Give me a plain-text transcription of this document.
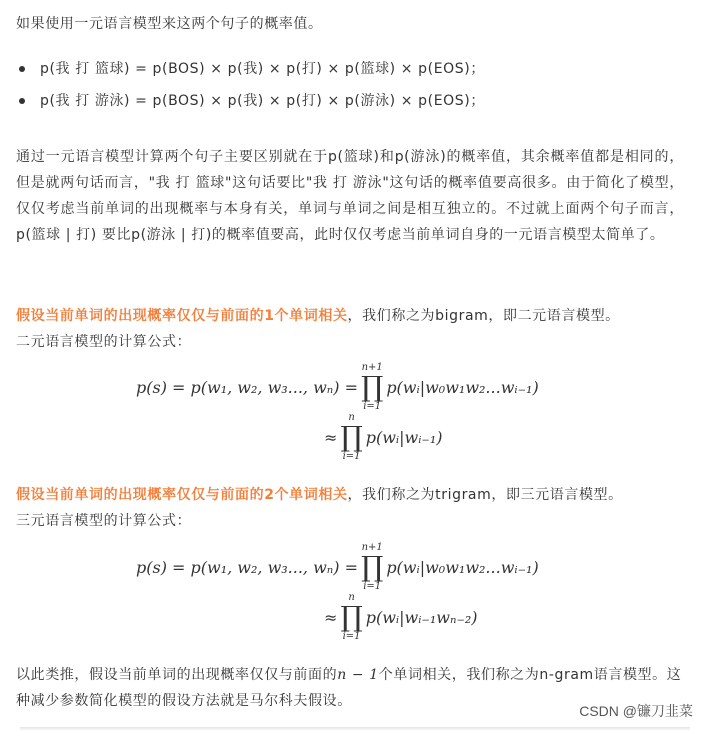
如果使用一元语言模型来这两个句子的概率值。

p(我 打 篮球) = p(BOS) × p(我) × p(打) × p(篮球) × p(EOS)；
p(我 打 游泳) = p(BOS) × p(我) × p(打) × p(游泳) × p(EOS)；

通过一元语言模型计算两个句子主要区别就在于p(篮球)和p(游泳)的概率值，其余概率值都是相同的，但是就两句话而言，"我 打 篮球"这句话要比"我 打 游泳"这句话的概率值要高很多。由于简化了模型，仅仅考虑当前单词的出现概率与本身有关，单词与单词之间是相互独立的。不过就上面两个句子而言，p(篮球 | 打) 要比p(游泳 | 打)的概率值要高，此时仅仅考虑当前单词自身的一元语言模型太简单了。

假设当前单词的出现概率仅仅与前面的1个单词相关，我们称之为bigram，即二元语言模型。

二元语言模型的计算公式：

p(s) = p(w₁, w₂, w₃..., wₙ) =
n+1
∏
i=1
p(wᵢ|w₀w₁w₂...wᵢ₋₁)
≈
n
∏
i=1
p(wᵢ|wᵢ₋₁)

假设当前单词的出现概率仅仅与前面的2个单词相关，我们称之为trigram，即三元语言模型。

三元语言模型的计算公式：

p(s) = p(w₁, w₂, w₃..., wₙ) =
n+1
∏
i=1
p(wᵢ|w₀w₁w₂...wᵢ₋₁)
≈
n
∏
i=1
p(wᵢ|wᵢ₋₁wₙ₋₂)

以此类推，假设当前单词的出现概率仅仅与前面的n − 1个单词相关，我们称之为n-gram语言模型。这种减少参数简化模型的假设方法就是马尔科夫假设。

CSDN @镰刀韭菜
